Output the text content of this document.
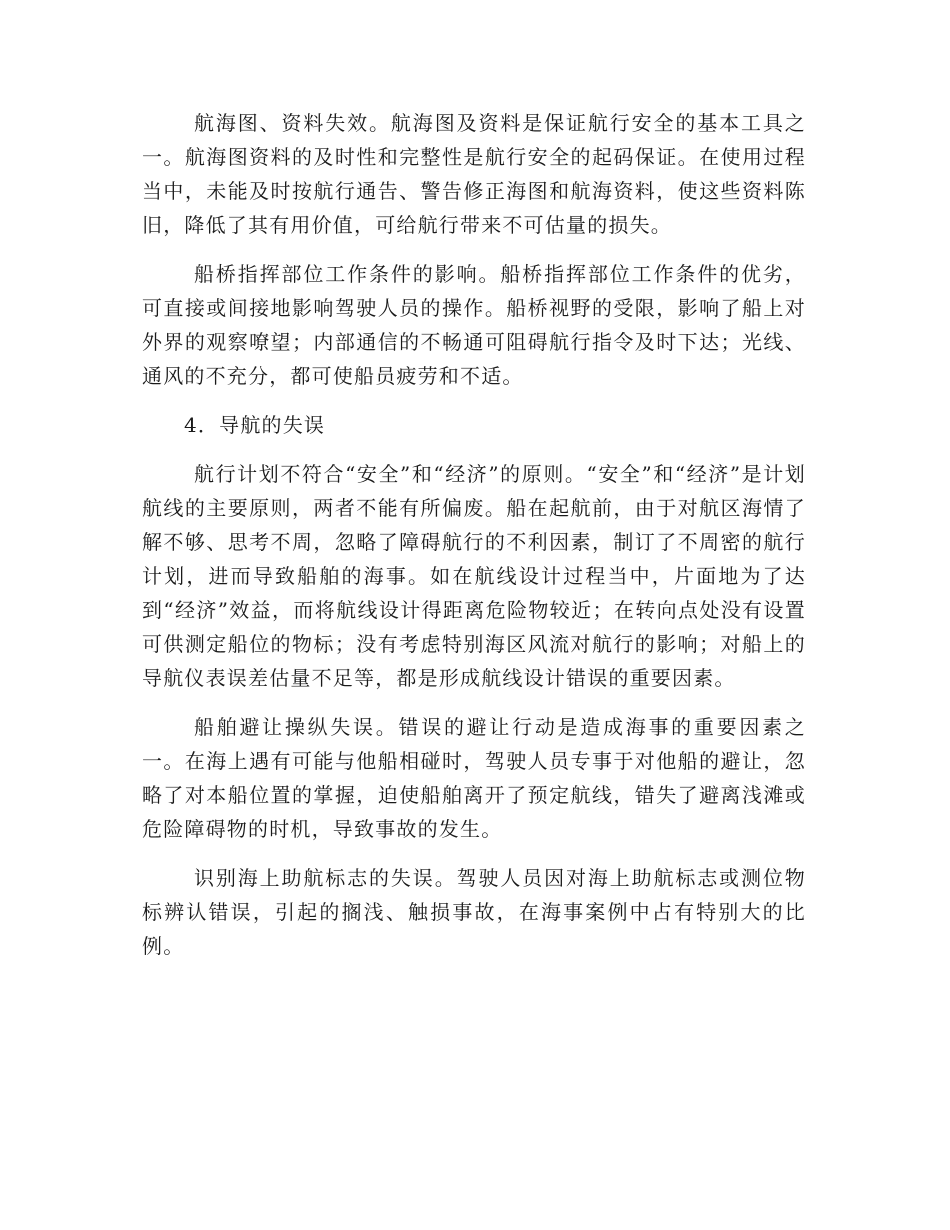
航海图、资料失效。航海图及资料是保证航行安全的基本工具之一。航海图资料的及时性和完整性是航行安全的起码保证。在使用过程当中，未能及时按航行通告、警告修正海图和航海资料，使这些资料陈旧，降低了其有用价值，可给航行带来不可估量的损失。

船桥指挥部位工作条件的影响。船桥指挥部位工作条件的优劣，可直接或间接地影响驾驶人员的操作。船桥视野的受限，影响了船上对外界的观察嘹望；内部通信的不畅通可阻碍航行指令及时下达；光线、通风的不充分，都可使船员疲劳和不适。

4．导航的失误

航行计划不符合“安全”和“经济”的原则。“安全”和“经济”是计划航线的主要原则，两者不能有所偏废。船在起航前，由于对航区海情了解不够、思考不周，忽略了障碍航行的不利因素，制订了不周密的航行计划，进而导致船舶的海事。如在航线设计过程当中，片面地为了达到“经济”效益，而将航线设计得距离危险物较近；在转向点处没有设置可供测定船位的物标；没有考虑特别海区风流对航行的影响；对船上的导航仪表误差估量不足等，都是形成航线设计错误的重要因素。

船舶避让操纵失误。错误的避让行动是造成海事的重要因素之一。在海上遇有可能与他船相碰时，驾驶人员专事于对他船的避让，忽略了对本船位置的掌握，迫使船舶离开了预定航线，错失了避离浅滩或危险障碍物的时机，导致事故的发生。

识别海上助航标志的失误。驾驶人员因对海上助航标志或测位物标辨认错误，引起的搁浅、触损事故，在海事案例中占有特别大的比例。
